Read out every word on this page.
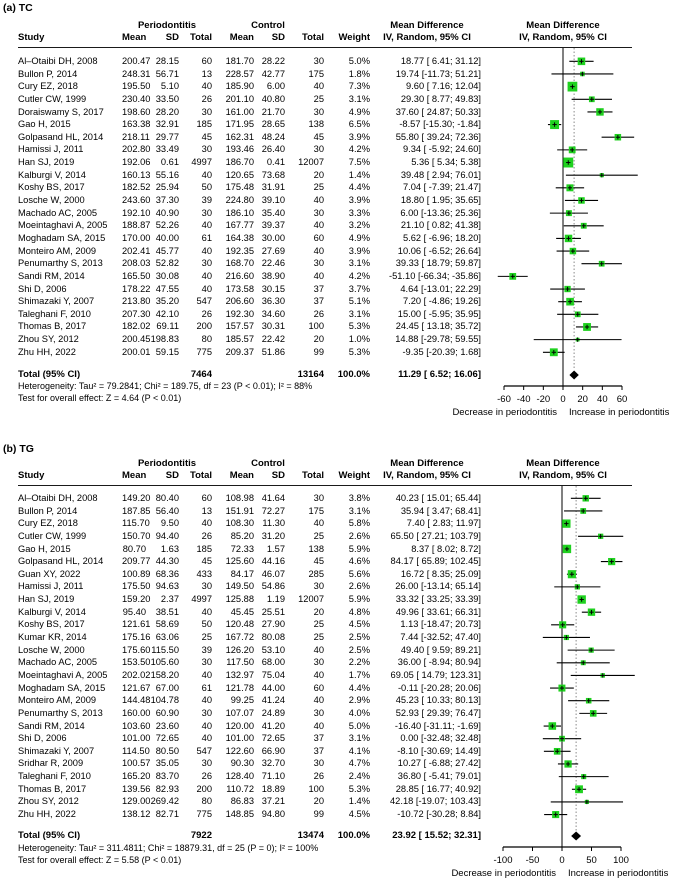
(a) TC
Periodontitis	Control	Mean Difference	Mean Difference
Study	Mean	SD	Total	Mean	SD	Total	Weight	IV, Random, 95% CI	IV, Random, 95% CI
Al–Otaibi DH, 2008	200.47 28.15	60	181.70 28.22	30	5.0%	18.77 [ 6.41; 31.12]
Bullon P, 2014	248.31 56.71	13	228.57 42.77	175	1.8%	19.74 [-11.73; 51.21]
Cury EZ, 2018	195.50	5.10	40	185.90	6.00	40	7.3%	9.60 [ 7.16; 12.04]
Cutler CW, 1999	230.40 33.50	26	201.10 40.80	25	3.1%	29.30 [ 8.77; 49.83]
Doraiswamy S, 2017	198.60 28.20	30	161.00 21.70	30	4.9%	37.60 [ 24.87; 50.33]
Gao H, 2015	163.38 32.91	185	171.95 28.65	138	6.5%	-8.57 [-15.30; -1.84]
Golpasand HL, 2014	218.11 29.77	45	162.31 48.24	45	3.9%	55.80 [ 39.24; 72.36]
Hamissi J, 2011	202.80 33.49	30	193.46 26.40	30	4.2%	9.34 [ -5.92; 24.60]
Han SJ, 2019	192.06	0.61	4997	186.70	0.41	12007	7.5%	5.36 [ 5.34; 5.38]
Kalburgi V, 2014	160.13 55.16	40	120.65 73.68	20	1.4%	39.48 [ 2.94; 76.01]
Koshy BS, 2017	182.52 25.94	50	175.48 31.91	25	4.4%	7.04 [ -7.39; 21.47]
Losche W, 2000	243.60 37.30	39	224.80 39.10	40	3.9%	18.80 [ 1.95; 35.65]
Machado AC, 2005	192.10 40.90	30	186.10 35.40	30	3.3%	6.00 [-13.36; 25.36]
Moeintaghavi A, 2005	188.87 52.26	40	167.77 39.37	40	3.2%	21.10 [ 0.82; 41.38]
Moghadam SA, 2015	170.00 40.00	61	164.38 30.00	60	4.9%	5.62 [ -6.96; 18.20]
Monteiro AM, 2009	202.41 45.77	40	192.35 27.69	40	3.9%	10.06 [ -6.52; 26.64]
Penumarthy S, 2013	208.03 52.82	30	168.70 22.46	30	3.1%	39.33 [ 18.79; 59.87]
Sandi RM, 2014	165.50 30.08	40	216.60 38.90	40	4.2%	-51.10 [-66.34; -35.86]
Shi D, 2006	178.22 47.55	40	173.58 30.15	37	3.7%	4.64 [-13.01; 22.29]
Shimazaki Y, 2007	213.80 35.20	547	206.60 36.30	37	5.1%	7.20 [ -4.86; 19.26]
Taleghani F, 2010	207.30 42.10	26	192.30 34.60	26	3.1%	15.00 [ -5.95; 35.95]
Thomas B, 2017	182.02 69.11	200	157.57 30.31	100	5.3%	24.45 [ 13.18; 35.72]
Zhou SY, 2012	200.45 198.83	80	185.57 22.42	20	1.0%	14.88 [-29.78; 59.55]
Zhu HH, 2022	200.01 59.15	775	209.37 51.86	99	5.3%	-9.35 [-20.39; 1.68]
Total (95% CI)	7464	13164	100.0%	11.29 [ 6.52; 16.06]
Heterogeneity: Tau² = 79.2841; Chi² = 189.75, df = 23 (P < 0.01); I² = 88%
Test for overall effect: Z = 4.64 (P < 0.01)	-60 -40 -20 0 20 40 60
Decrease in periodontitis Increase in periodontitis
(b) TG
Periodontitis	Control	Mean Difference	Mean Difference
Study	Mean	SD	Total	Mean	SD	Total	Weight	IV, Random, 95% CI	IV, Random, 95% CI
Al–Otaibi DH, 2008	149.20 80.40	60	108.98 41.64	30	3.8%	40.23 [ 15.01; 65.44]
Bullon P, 2014	187.85 56.40	13	151.91 72.27	175	3.1%	35.94 [ 3.47; 68.41]
Cury EZ, 2018	115.70	9.50	40	108.30 11.30	40	5.8%	7.40 [ 2.83; 11.97]
Cutler CW, 1999	150.70 94.40	26	85.20 31.20	25	2.6%	65.50 [ 27.21; 103.79]
Gao H, 2015	80.70	1.63	185	72.33	1.57	138	5.9%	8.37 [ 8.02; 8.72]
Golpasand HL, 2014	209.77 44.30	45	125.60 44.16	45	4.6%	84.17 [ 65.89; 102.45]
Guan XY, 2022	100.89 68.36	433	84.17 46.07	285	5.6%	16.72 [ 8.35; 25.09]
Hamissi J, 2011	175.50 94.63	30	149.50 54.86	30	2.6%	26.00 [-13.14; 65.14]
Han SJ, 2019	159.20	2.37	4997	125.88	1.19	12007	5.9%	33.32 [ 33.25; 33.39]
Kalburgi V, 2014	95.40	38.51	40	45.45 25.51	20	4.8%	49.96 [ 33.61; 66.31]
Koshy BS, 2017	121.61 58.69	50	120.48 27.90	25	4.5%	1.13 [-18.47; 20.73]
Kumar KR, 2014	175.16 63.06	25	167.72 80.08	25	2.5%	7.44 [-32.52; 47.40]
Losche W, 2000	175.60 115.50	39	126.20 53.10	40	2.5%	49.40 [ 9.59; 89.21]
Machado AC, 2005	153.50 105.60	30	117.50 68.00	30	2.2%	36.00 [ -8.94; 80.94]
Moeintaghavi A, 2005	202.02 158.20	40	132.97 75.04	40	1.7%	69.05 [ 14.79; 123.31]
Moghadam SA, 2015	121.67 67.00	61	121.78 44.00	60	4.4%	-0.11 [-20.28; 20.06]
Monteiro AM, 2009	144.48 104.78	40	99.25 41.24	40	2.9%	45.23 [ 10.33; 80.13]
Penumarthy S, 2013	160.00 60.90	30	107.07 24.89	30	4.0%	52.93 [ 29.39; 76.47]
Sandi RM, 2014	103.60 23.60	40	120.00 41.20	40	5.0%	-16.40 [-31.11; -1.69]
Shi D, 2006	101.00 72.65	40	101.00 72.65	37	3.1%	0.00 [-32.48; 32.48]
Shimazaki Y, 2007	114.50 80.50	547	122.60 66.90	37	4.1%	-8.10 [-30.69; 14.49]
Sridhar R, 2009	100.57 35.05	30	90.30 32.70	30	4.7%	10.27 [ -6.88; 27.42]
Taleghani F, 2010	165.20 83.70	26	128.40 71.10	26	2.4%	36.80 [ -5.41; 79.01]
Thomas B, 2017	139.56 82.93	200	110.72 18.89	100	5.3%	28.85 [ 16.77; 40.92]
Zhou SY, 2012	129.00 269.42	80	86.83 37.21	20	1.4%	42.18 [-19.07; 103.43]
Zhu HH, 2022	138.12 82.71	775	148.85 94.80	99	4.5%	-10.72 [-30.28; 8.84]
Total (95% CI)	7922	13474	100.0%	23.92 [ 15.52; 32.31]
Heterogeneity: Tau² = 311.4811; Chi² = 18879.31, df = 25 (P = 0); I² = 100%
Test for overall effect: Z = 5.58 (P < 0.01)	-100 -50 0 50 100
Decrease in periodontitis Increase in periodontitis
